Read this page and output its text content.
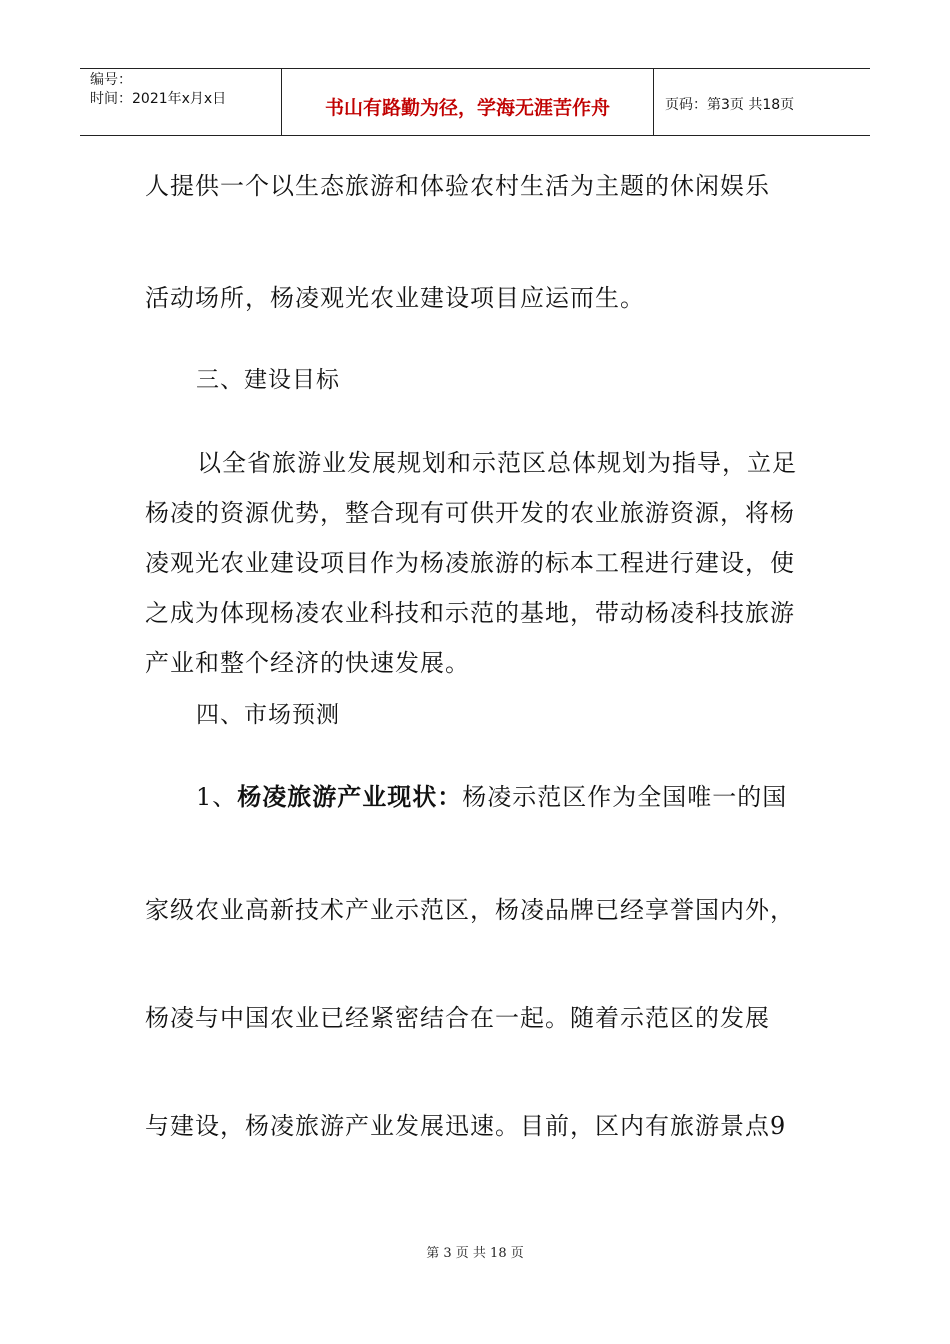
编号：
时间：2021年x月x日	书山有路勤为径，学海无涯苦作舟	页码：第3页 共18页
人提供一个以生态旅游和体验农村生活为主题的休闲娱乐
活动场所，杨凌观光农业建设项目应运而生。
三、建设目标
以全省旅游业发展规划和示范区总体规划为指导，立足
杨凌的资源优势，整合现有可供开发的农业旅游资源，将杨
凌观光农业建设项目作为杨凌旅游的标本工程进行建设，使
之成为体现杨凌农业科技和示范的基地，带动杨凌科技旅游
产业和整个经济的快速发展。
四、市场预测
1、杨凌旅游产业现状：杨凌示范区作为全国唯一的国
家级农业高新技术产业示范区，杨凌品牌已经享誉国内外，
杨凌与中国农业已经紧密结合在一起。随着示范区的发展
与建设，杨凌旅游产业发展迅速。目前，区内有旅游景点9
第 3 页 共 18 页
